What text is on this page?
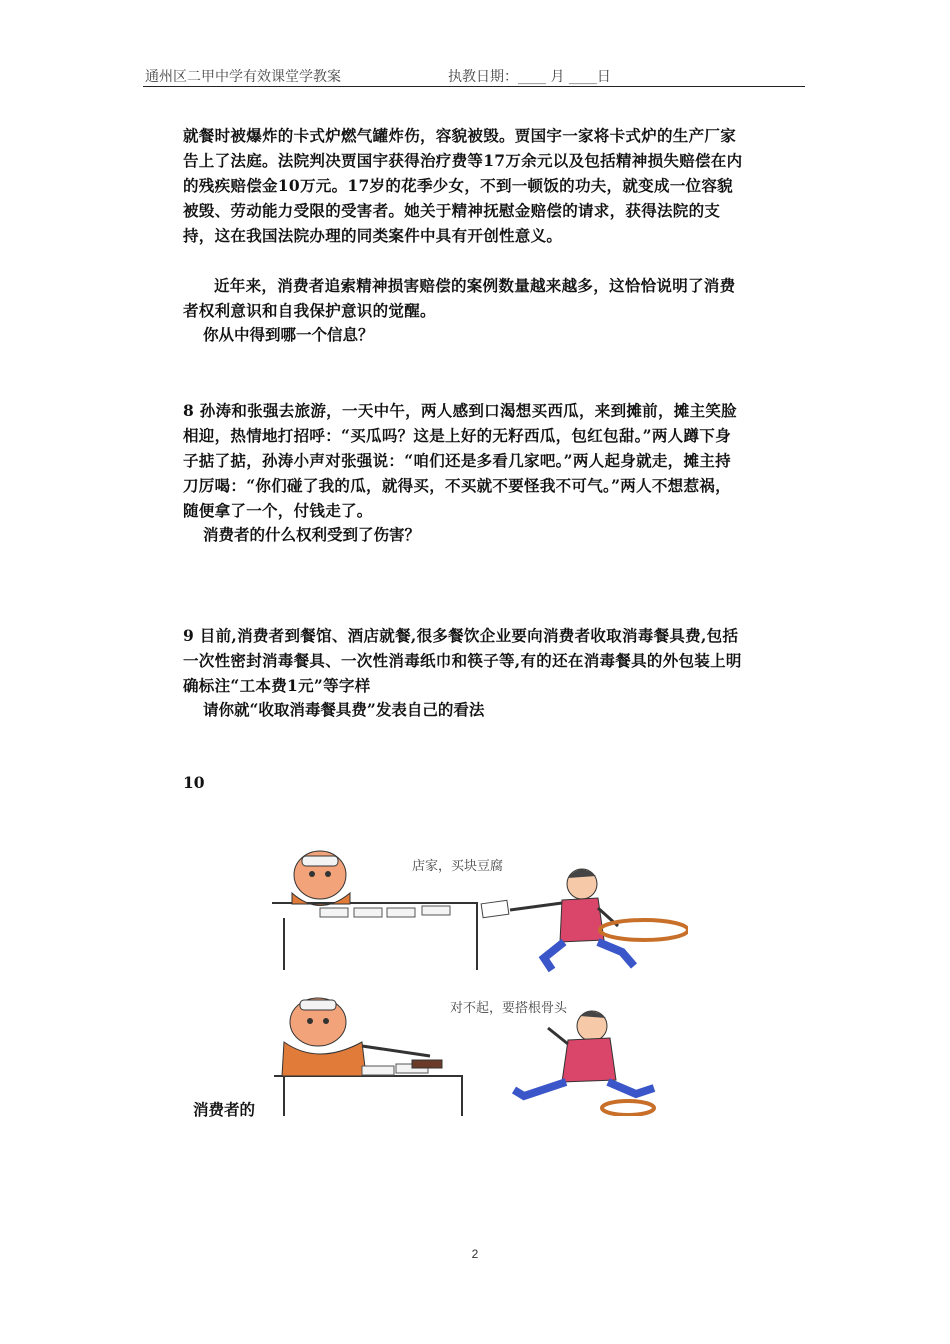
通州区二甲中学有效课堂学教案	执教日期：____ 月 ____日

就餐时被爆炸的卡式炉燃气罐炸伤，容貌被毁。贾国宇一家将卡式炉的生产厂家告上了法庭。法院判决贾国宇获得治疗费等17万余元以及包括精神损失赔偿在内的残疾赔偿金10万元。17岁的花季少女，不到一顿饭的功夫，就变成一位容貌被毁、劳动能力受限的受害者。她关于精神抚慰金赔偿的请求，获得法院的支持，这在我国法院办理的同类案件中具有开创性意义。

近年来，消费者追索精神损害赔偿的案例数量越来越多，这恰恰说明了消费者权利意识和自我保护意识的觉醒。

你从中得到哪一个信息？

8 孙涛和张强去旅游，一天中午，两人感到口渴想买西瓜，来到摊前，摊主笑脸相迎，热情地打招呼：“买瓜吗？这是上好的无籽西瓜，包红包甜。”两人蹲下身子掂了掂，孙涛小声对张强说：“咱们还是多看几家吧。”两人起身就走，摊主持刀厉喝：“你们碰了我的瓜，就得买，不买就不要怪我不可气。”两人不想惹祸，随便拿了一个，付钱走了。

消费者的什么权利受到了伤害？

9 目前,消费者到餐馆、酒店就餐,很多餐饮企业要向消费者收取消毒餐具费,包括一次性密封消毒餐具、一次性消毒纸巾和筷子等,有的还在消毒餐具的外包装上明确标注“工本费1元”等字样

请你就“收取消毒餐具费”发表自己的看法

10

店家，买块豆腐
对不起，要搭根骨头
消费者的
2
